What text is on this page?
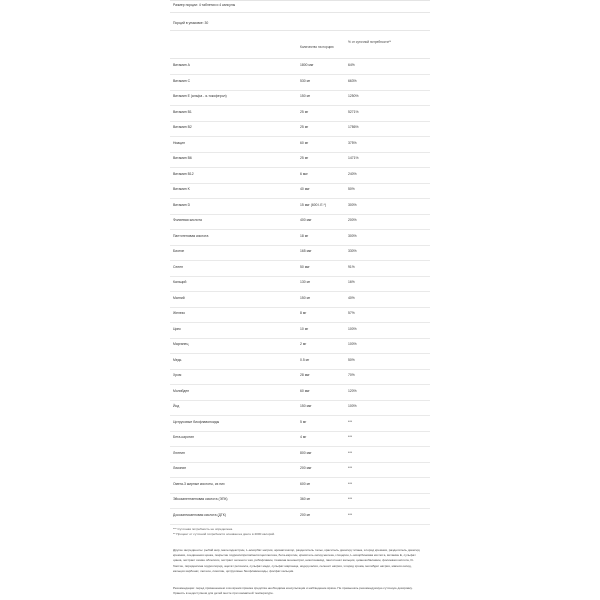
Размер порции: 4 таблетки и 4 капсулы
Порций в упаковке: 30
Количество на порцию
% от суточной потребности**
Витамин А	1800 мкг	64%
Витамин С	530 мг	663%
Витамин E (альфа - α-токоферол)	150 мг	1250%
Витамин B1	25 мг	5271%
Витамин B2	25 мг	1786%
Ниацин	60 мг	375%
Витамин B6	25 мг	1471%
Витамин B12	6 мкг	240%
Витамин K	40 мкг	50%
Витамин D	15 мкг (600 I.E.*)	300%
Фолиевая кислота	400 мкг	200%
Пантотеновая кислота	18 мг	300%
Биотин	165 мкг	330%
Селен	50 мкг	91%
Кальций	130 мг	16%
Магний	150 мг	40%
Железо	8 мг	57%
Цинк	10 мг	100%
Марганец	2 мг	100%
Медь	0.5 мг	50%
Хром	28 мкг	70%
Молибден	60 мкг	120%
Йод	150 мкг	100%
Цитрусовые биофлавоноиды	5 мг	***
Бета-каротин	4 мг	***
Лютеин	800 мкг	***
Ликопин	200 мкг	***
Омега-3 жирные кислоты, из них	600 мг	***
Эйкозапентаеновая кислота (ЭПК)	360 мг	***
Докозагексаеновая кислота (ДГК)	200 мг	***
*** Суточная потребность не определена.
** Процент от суточной потребности основан на диете в 2000 калорий.
Другие ингредиенты: рыбий жир, мальтодекстрин, L-аскорбат натрия, ароматизатор, разделитель тальк, краситель диоксид титана, хлорид кремния, разделитель диоксид кремния, соединения цинка, покрытие гидроксипропилметилцеллюлоза, бета-каротин, краситель оксид железа, глицерин, L-аскорбиновая кислота, витамин E, сульфат цинка, экстракт семян облепихи, экстракт зеленого чая, рибофлавин, тиамина мононитрат, никотинамид, пантотенат кальция, цианокобаламин, фолиевая кислота, D-биотин, пиридоксина гидрохлорид, ацетат ретинола, сульфат меди, сульфат марганца, иодид калия, селенит натрия, хлорид хрома, молибдат натрия, магния оксид, кальция карбонат, лютеин, ликопин, цитрусовые биофлавоноиды, фосфат кальция.
Рекомендации: перед применением и во время приема средства необходима консультация и наблюдение врача. Не превышать рекомендуемую суточную дозировку. Хранить в недоступном для детей месте при комнатной температуре.
